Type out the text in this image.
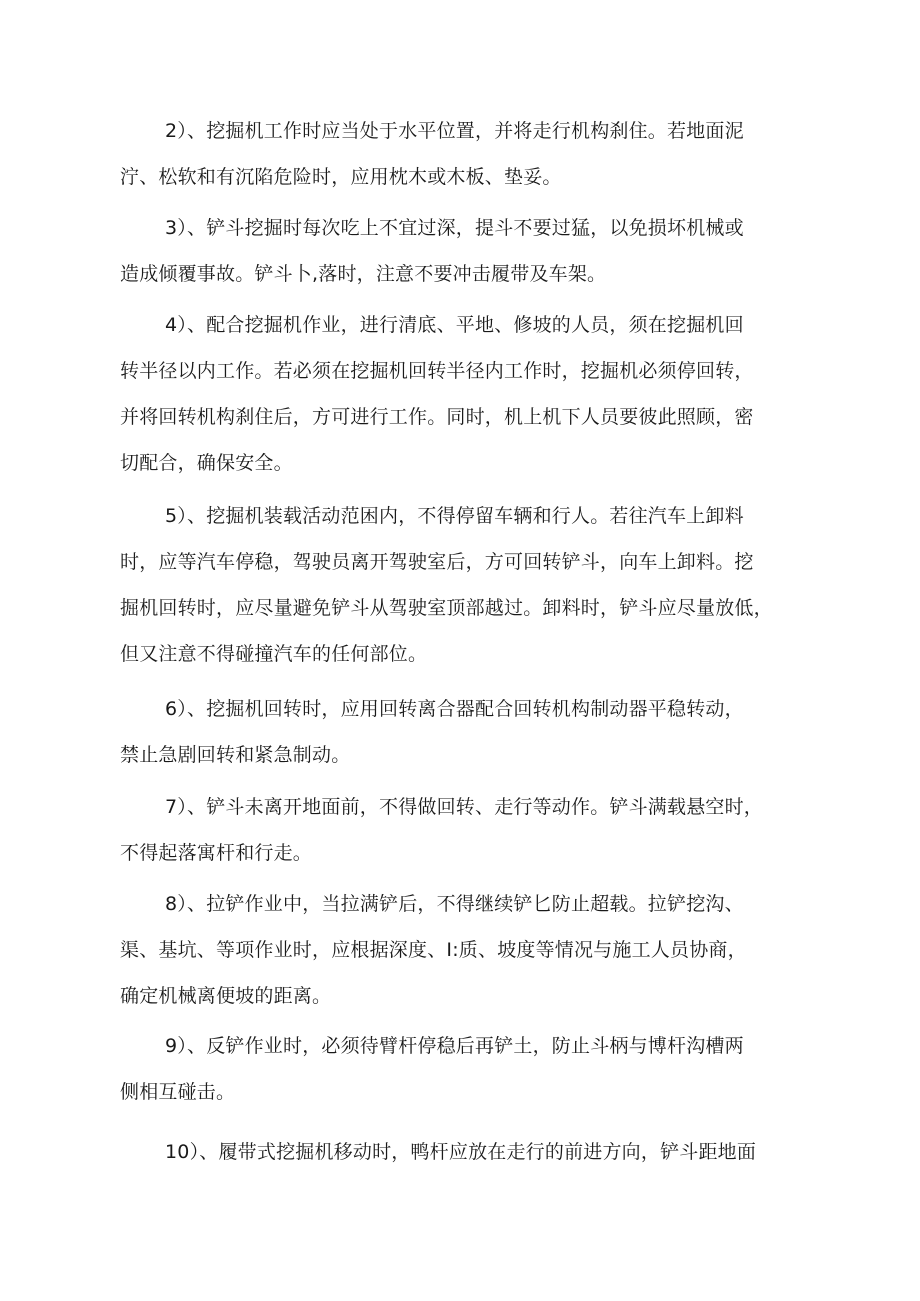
2）、挖掘机工作时应当处于水平位置，并将走行机构刹住。若地面泥
泞、松软和有沉陷危险时，应用枕木或木板、垫妥。

3）、铲斗挖掘时每次吃上不宜过深，提斗不要过猛，以免损坏机械或
造成倾覆事故。铲斗卜,落时，注意不要冲击履带及车架。

4）、配合挖掘机作业，进行清底、平地、修坡的人员，须在挖掘机回
转半径以内工作。若必须在挖掘机回转半径内工作时，挖掘机必须停回转，
并将回转机构刹住后，方可进行工作。同时，机上机下人员要彼此照顾，密
切配合，确保安全。

5）、挖掘机装载活动范困内，不得停留车辆和行人。若往汽车上卸料
时，应等汽车停稳，驾驶员离开驾驶室后，方可回转铲斗，向车上卸料。挖
掘机回转时，应尽量避免铲斗从驾驶室顶部越过。卸料时，铲斗应尽量放低，
但又注意不得碰撞汽车的任何部位。

6）、挖掘机回转时，应用回转离合器配合回转机构制动器平稳转动，
禁止急剧回转和紧急制动。

7）、铲斗未离开地面前，不得做回转、走行等动作。铲斗满载悬空时，
不得起落寓杆和行走。

8）、拉铲作业中，当拉满铲后，不得继续铲匕防止超载。拉铲挖沟、
渠、基坑、等项作业时，应根据深度、I:质、坡度等情况与施工人员协商，
确定机械离便坡的距离。

9）、反铲作业时，必须待臂杆停稳后再铲土，防止斗柄与博杆沟槽两
侧相互碰击。

10）、履带式挖掘机移动时，鸭杆应放在走行的前进方向，铲斗距地面
